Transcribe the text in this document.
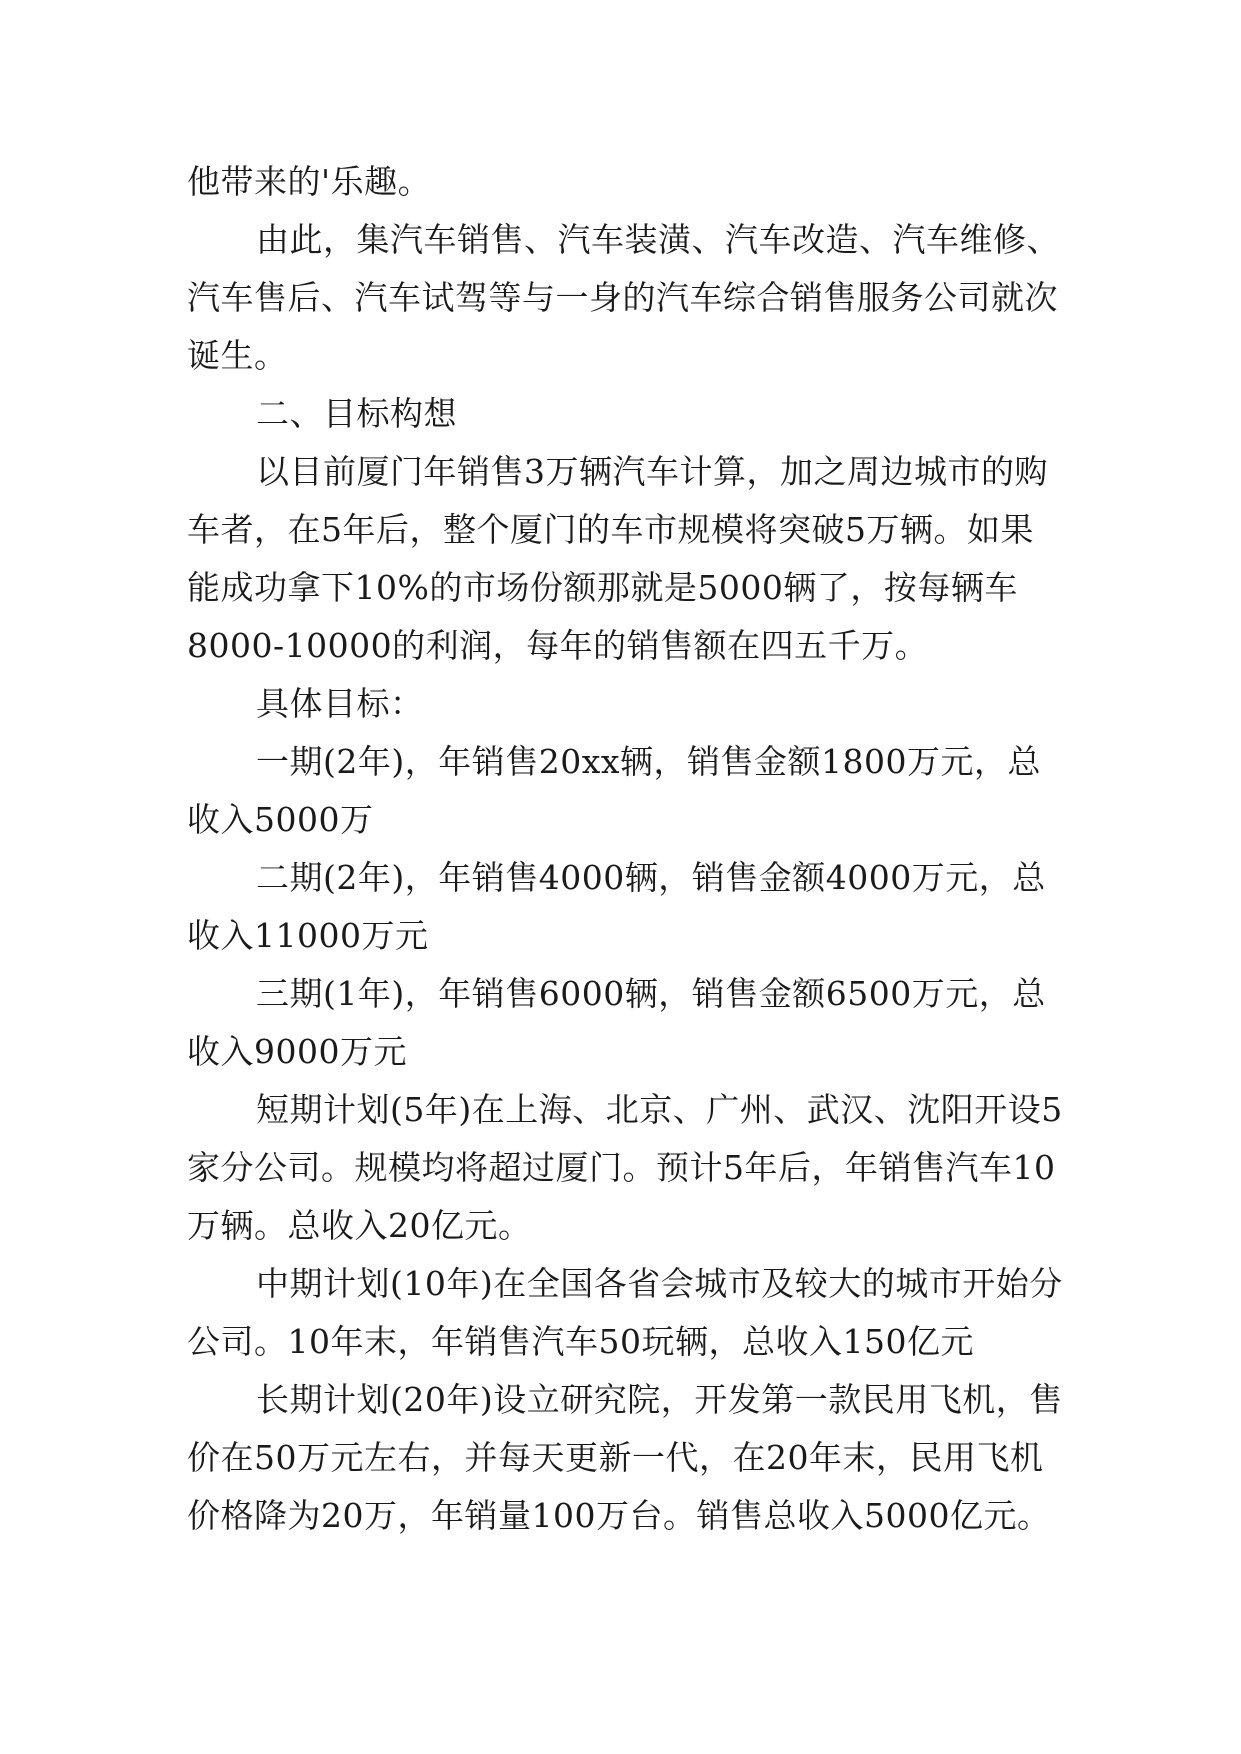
他带来的'乐趣。
由此，集汽车销售、汽车装潢、汽车改造、汽车维修、
汽车售后、汽车试驾等与一身的汽车综合销售服务公司就次
诞生。
二、目标构想
以目前厦门年销售3万辆汽车计算，加之周边城市的购
车者，在5年后，整个厦门的车市规模将突破5万辆。如果
能成功拿下10%的市场份额那就是5000辆了，按每辆车
8000-10000的利润，每年的销售额在四五千万。
具体目标：
一期(2年)，年销售20xx辆，销售金额1800万元，总
收入5000万
二期(2年)，年销售4000辆，销售金额4000万元，总
收入11000万元
三期(1年)，年销售6000辆，销售金额6500万元，总
收入9000万元
短期计划(5年)在上海、北京、广州、武汉、沈阳开设5
家分公司。规模均将超过厦门。预计5年后，年销售汽车10
万辆。总收入20亿元。
中期计划(10年)在全国各省会城市及较大的城市开始分
公司。10年末，年销售汽车50玩辆，总收入150亿元
长期计划(20年)设立研究院，开发第一款民用飞机，售
价在50万元左右，并每天更新一代，在20年末，民用飞机
价格降为20万，年销量100万台。销售总收入5000亿元。
